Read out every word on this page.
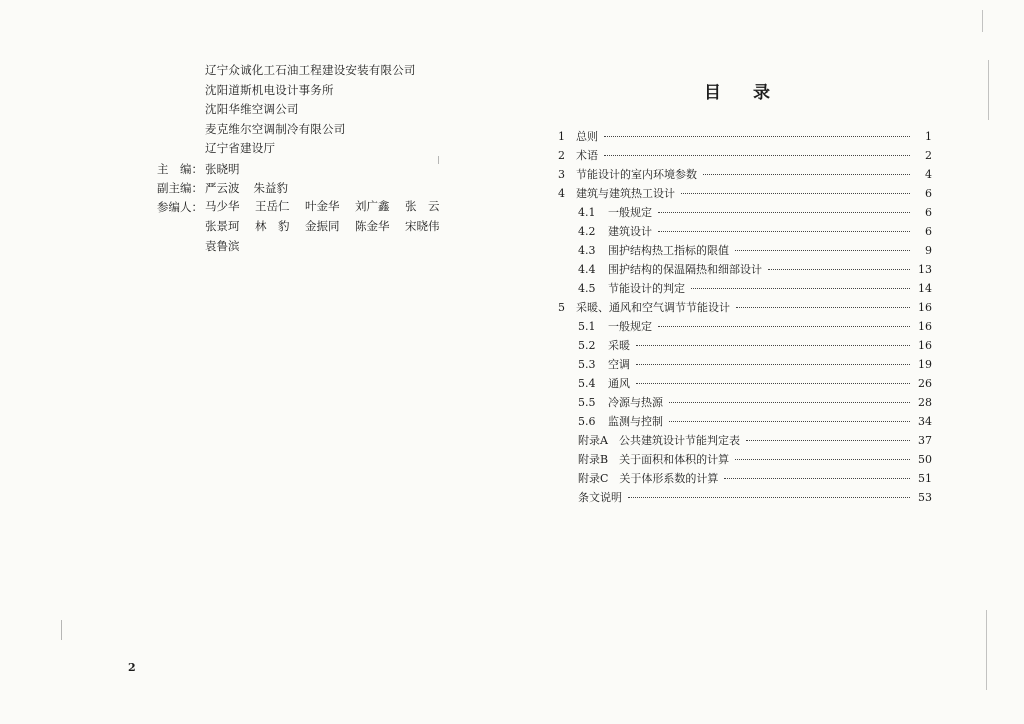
辽宁众诚化工石油工程建设安装有限公司
沈阳道斯机电设计事务所
沈阳华维空调公司
麦克维尔空调制冷有限公司
辽宁省建设厅
主　编： 张晓明
副主编： 严云波 朱益豹
参编人： 马少华 王岳仁 叶金华 刘广鑫 张　云
张景珂 林　豹 金振同 陈金华 宋晓伟
袁鲁滨
2
目录
1	总则	1
2	术语	2
3	节能设计的室内环境参数	4
4	建筑与建筑热工设计	6
4.1	一般规定	6
4.2	建筑设计	6
4.3	围护结构热工指标的限值	9
4.4	围护结构的保温隔热和细部设计	13
4.5	节能设计的判定	14
5	采暖、通风和空气调节节能设计	16
5.1	一般规定	16
5.2	采暖	16
5.3	空调	19
5.4	通风	26
5.5	冷源与热源	28
5.6	监测与控制	34
附录A　公共建筑设计节能判定表	37
附录B　关于面积和体积的计算	50
附录C　关于体形系数的计算	51
条文说明	53
